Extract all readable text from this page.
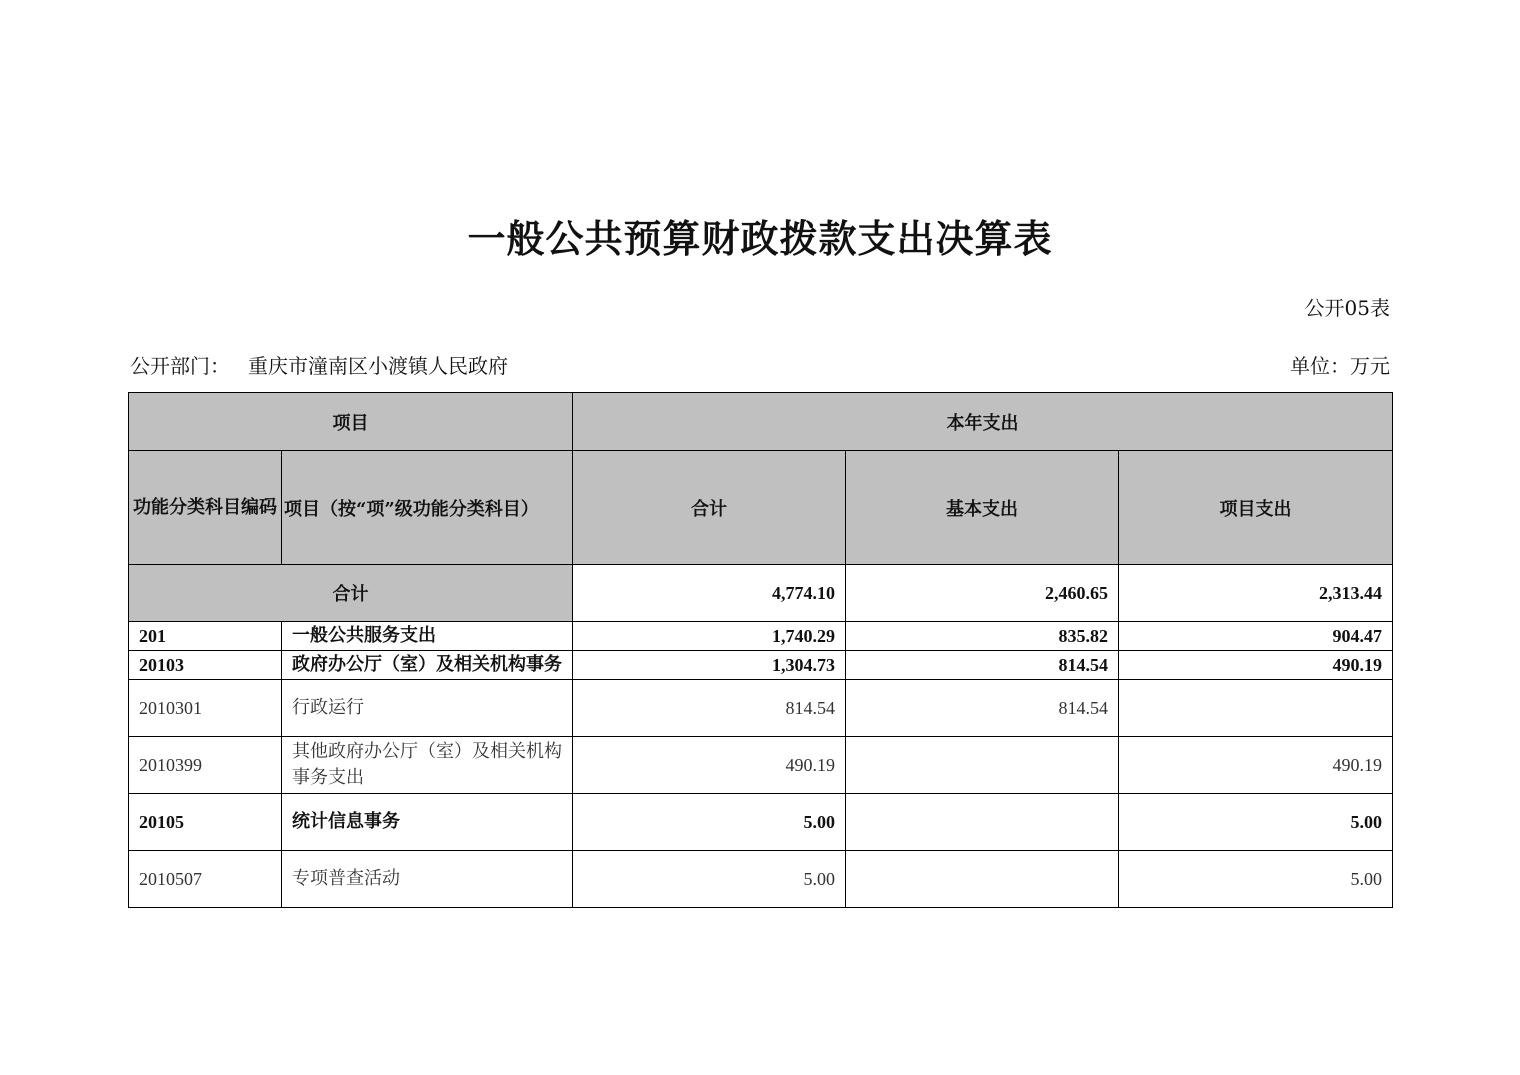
一般公共预算财政拨款支出决算表
公开05表
公开部门： 重庆市潼南区小渡镇人民政府	单位：万元
项目		本年支出		
功能分类科目编码	项目（按“项”级功能分类科目）	合计	基本支出	项目支出
合计		4,774.10	2,460.65	2,313.44
201	一般公共服务支出	1,740.29	835.82	904.47
20103	政府办公厅（室）及相关机构事务	1,304.73	814.54	490.19
2010301	行政运行	814.54	814.54	
2010399	其他政府办公厅（室）及相关机构事务支出	490.19		490.19
20105	统计信息事务	5.00		5.00
2010507	专项普查活动	5.00		5.00
